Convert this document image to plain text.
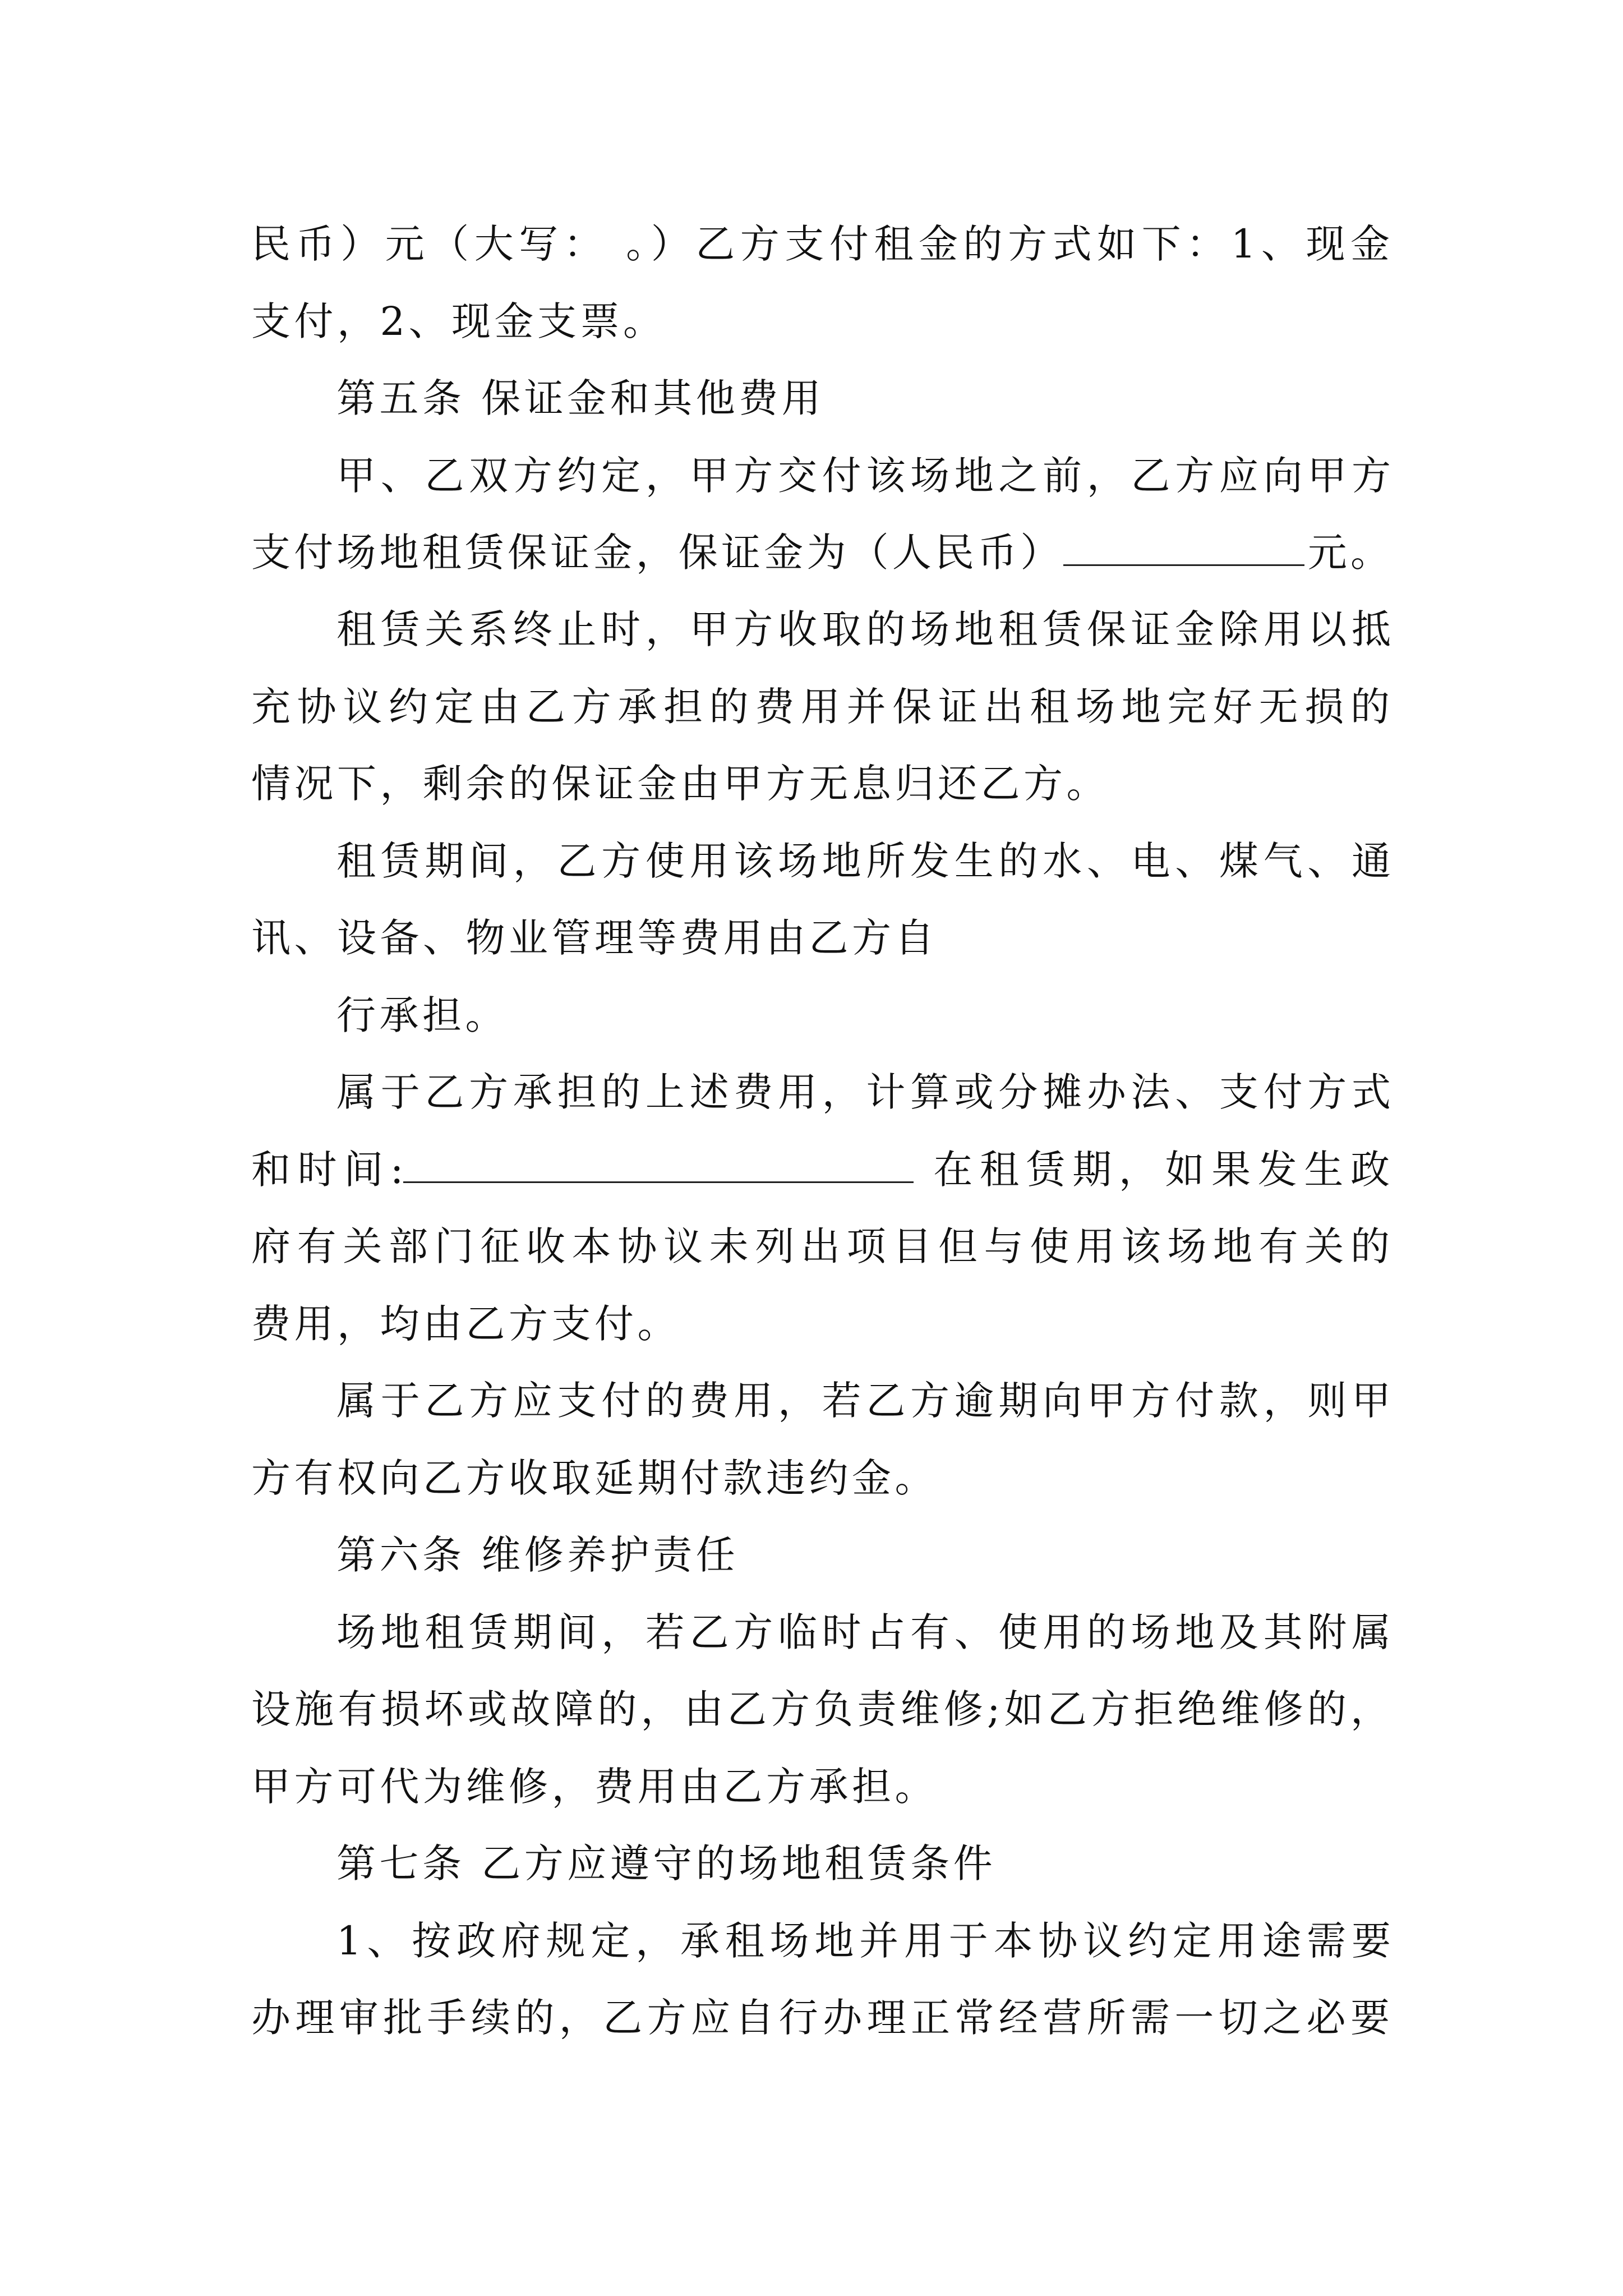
民币）元（大写： 。）乙方支付租金的方式如下：1、现金
支付，2、现金支票。
第五条 保证金和其他费用
甲、乙双方约定，甲方交付该场地之前，乙方应向甲方
支付场地租赁保证金，保证金为（人民币）	元。
租赁关系终止时，甲方收取的场地租赁保证金除用以抵
充协议约定由乙方承担的费用并保证出租场地完好无损的
情况下，剩余的保证金由甲方无息归还乙方。
租赁期间，乙方使用该场地所发生的水、电、煤气、通
讯、设备、物业管理等费用由乙方自
行承担。
属于乙方承担的上述费用，计算或分摊办法、支付方式
和时间:	在租赁期，如果发生政
府有关部门征收本协议未列出项目但与使用该场地有关的
费用，均由乙方支付。
属于乙方应支付的费用，若乙方逾期向甲方付款，则甲
方有权向乙方收取延期付款违约金。
第六条 维修养护责任
场地租赁期间，若乙方临时占有、使用的场地及其附属
设施有损坏或故障的，由乙方负责维修;如乙方拒绝维修的，
甲方可代为维修，费用由乙方承担。
第七条 乙方应遵守的场地租赁条件
1、按政府规定，承租场地并用于本协议约定用途需要
办理审批手续的，乙方应自行办理正常经营所需一切之必要
